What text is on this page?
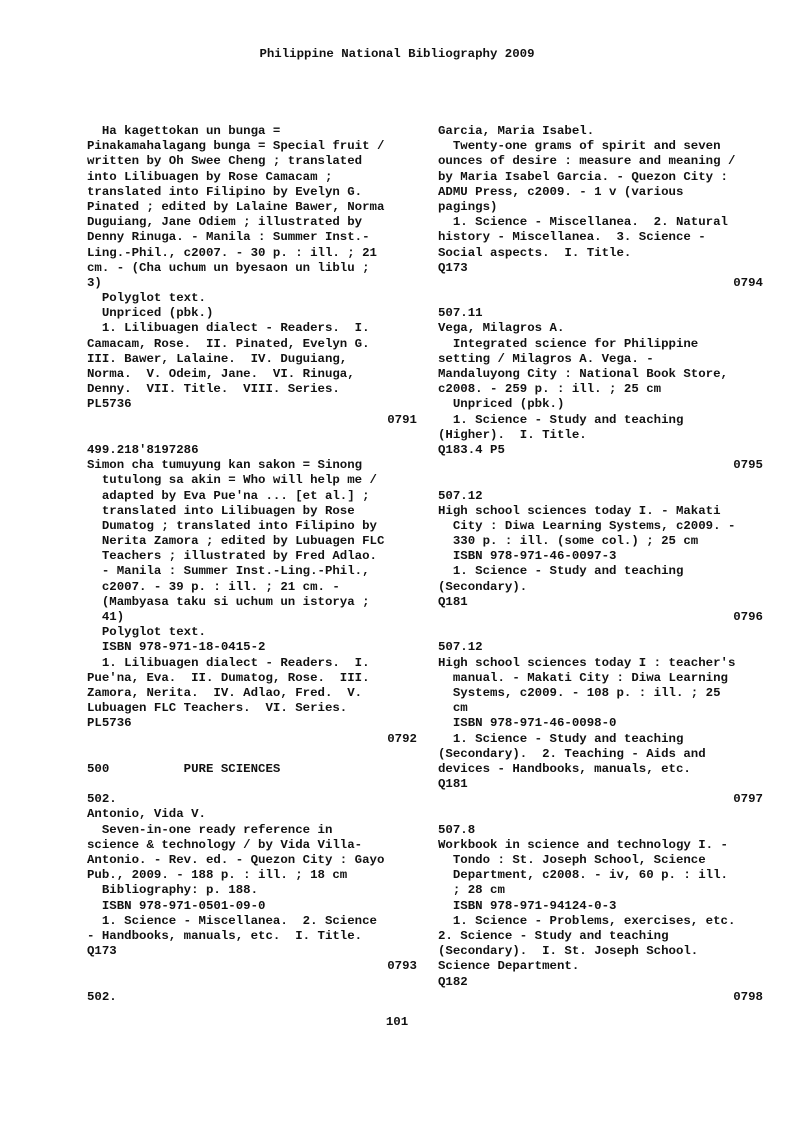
Philippine National Bibliography 2009
Ha kagettokan un bunga =
Pinakamahalagang bunga = Special fruit /
written by Oh Swee Cheng ; translated
into Lilibuagen by Rose Camacam ;
translated into Filipino by Evelyn G.
Pinated ; edited by Lalaine Bawer, Norma
Duguiang, Jane Odiem ; illustrated by
Denny Rinuga. - Manila : Summer Inst.-
Ling.-Phil., c2007. - 30 p. : ill. ; 21
cm. - (Cha uchum un byesaon un liblu ;
3)
Polyglot text.
Unpriced (pbk.)
1. Lilibuagen dialect - Readers.  I.
Camacam, Rose.  II. Pinated, Evelyn G.
III. Bawer, Lalaine.  IV. Duguiang,
Norma.  V. Odeim, Jane.  VI. Rinuga,
Denny.  VII. Title.  VIII. Series.
PL5736
0791
499.218'8197286
Simon cha tumuyung kan sakon = Sinong
tutulong sa akin = Who will help me /
adapted by Eva Pue'na ... [et al.] ;
translated into Lilibuagen by Rose
Dumatog ; translated into Filipino by
Nerita Zamora ; edited by Lubuagen FLC
Teachers ; illustrated by Fred Adlao.
- Manila : Summer Inst.-Ling.-Phil.,
c2007. - 39 p. : ill. ; 21 cm. -
(Mambyasa taku si uchum un istorya ;
41)
Polyglot text.
ISBN 978-971-18-0415-2
1. Lilibuagen dialect - Readers.  I.
Pue'na, Eva.  II. Dumatog, Rose.  III.
Zamora, Nerita.  IV. Adlao, Fred.  V.
Lubuagen FLC Teachers.  VI. Series.
PL5736
0792
500          PURE SCIENCES
502.
Antonio, Vida V.
Seven-in-one ready reference in
science & technology / by Vida Villa-
Antonio. - Rev. ed. - Quezon City : Gayo
Pub., 2009. - 188 p. : ill. ; 18 cm
Bibliography: p. 188.
ISBN 978-971-0501-09-0
1. Science - Miscellanea.  2. Science
- Handbooks, manuals, etc.  I. Title.
Q173
0793
502.
Garcia, Maria Isabel.
Twenty-one grams of spirit and seven
ounces of desire : measure and meaning /
by Maria Isabel Garcia. - Quezon City :
ADMU Press, c2009. - 1 v (various
pagings)
1. Science - Miscellanea.  2. Natural
history - Miscellanea.  3. Science -
Social aspects.  I. Title.
Q173
0794
507.11
Vega, Milagros A.
Integrated science for Philippine
setting / Milagros A. Vega. -
Mandaluyong City : National Book Store,
c2008. - 259 p. : ill. ; 25 cm
Unpriced (pbk.)
1. Science - Study and teaching
(Higher).  I. Title.
Q183.4 P5
0795
507.12
High school sciences today I. - Makati
City : Diwa Learning Systems, c2009. -
330 p. : ill. (some col.) ; 25 cm
ISBN 978-971-46-0097-3
1. Science - Study and teaching
(Secondary).
Q181
0796
507.12
High school sciences today I : teacher's
manual. - Makati City : Diwa Learning
Systems, c2009. - 108 p. : ill. ; 25
cm
ISBN 978-971-46-0098-0
1. Science - Study and teaching
(Secondary).  2. Teaching - Aids and
devices - Handbooks, manuals, etc.
Q181
0797
507.8
Workbook in science and technology I. -
Tondo : St. Joseph School, Science
Department, c2008. - iv, 60 p. : ill.
; 28 cm
ISBN 978-971-94124-0-3
1. Science - Problems, exercises, etc.
2. Science - Study and teaching
(Secondary).  I. St. Joseph School.
Science Department.
Q182
0798
101
